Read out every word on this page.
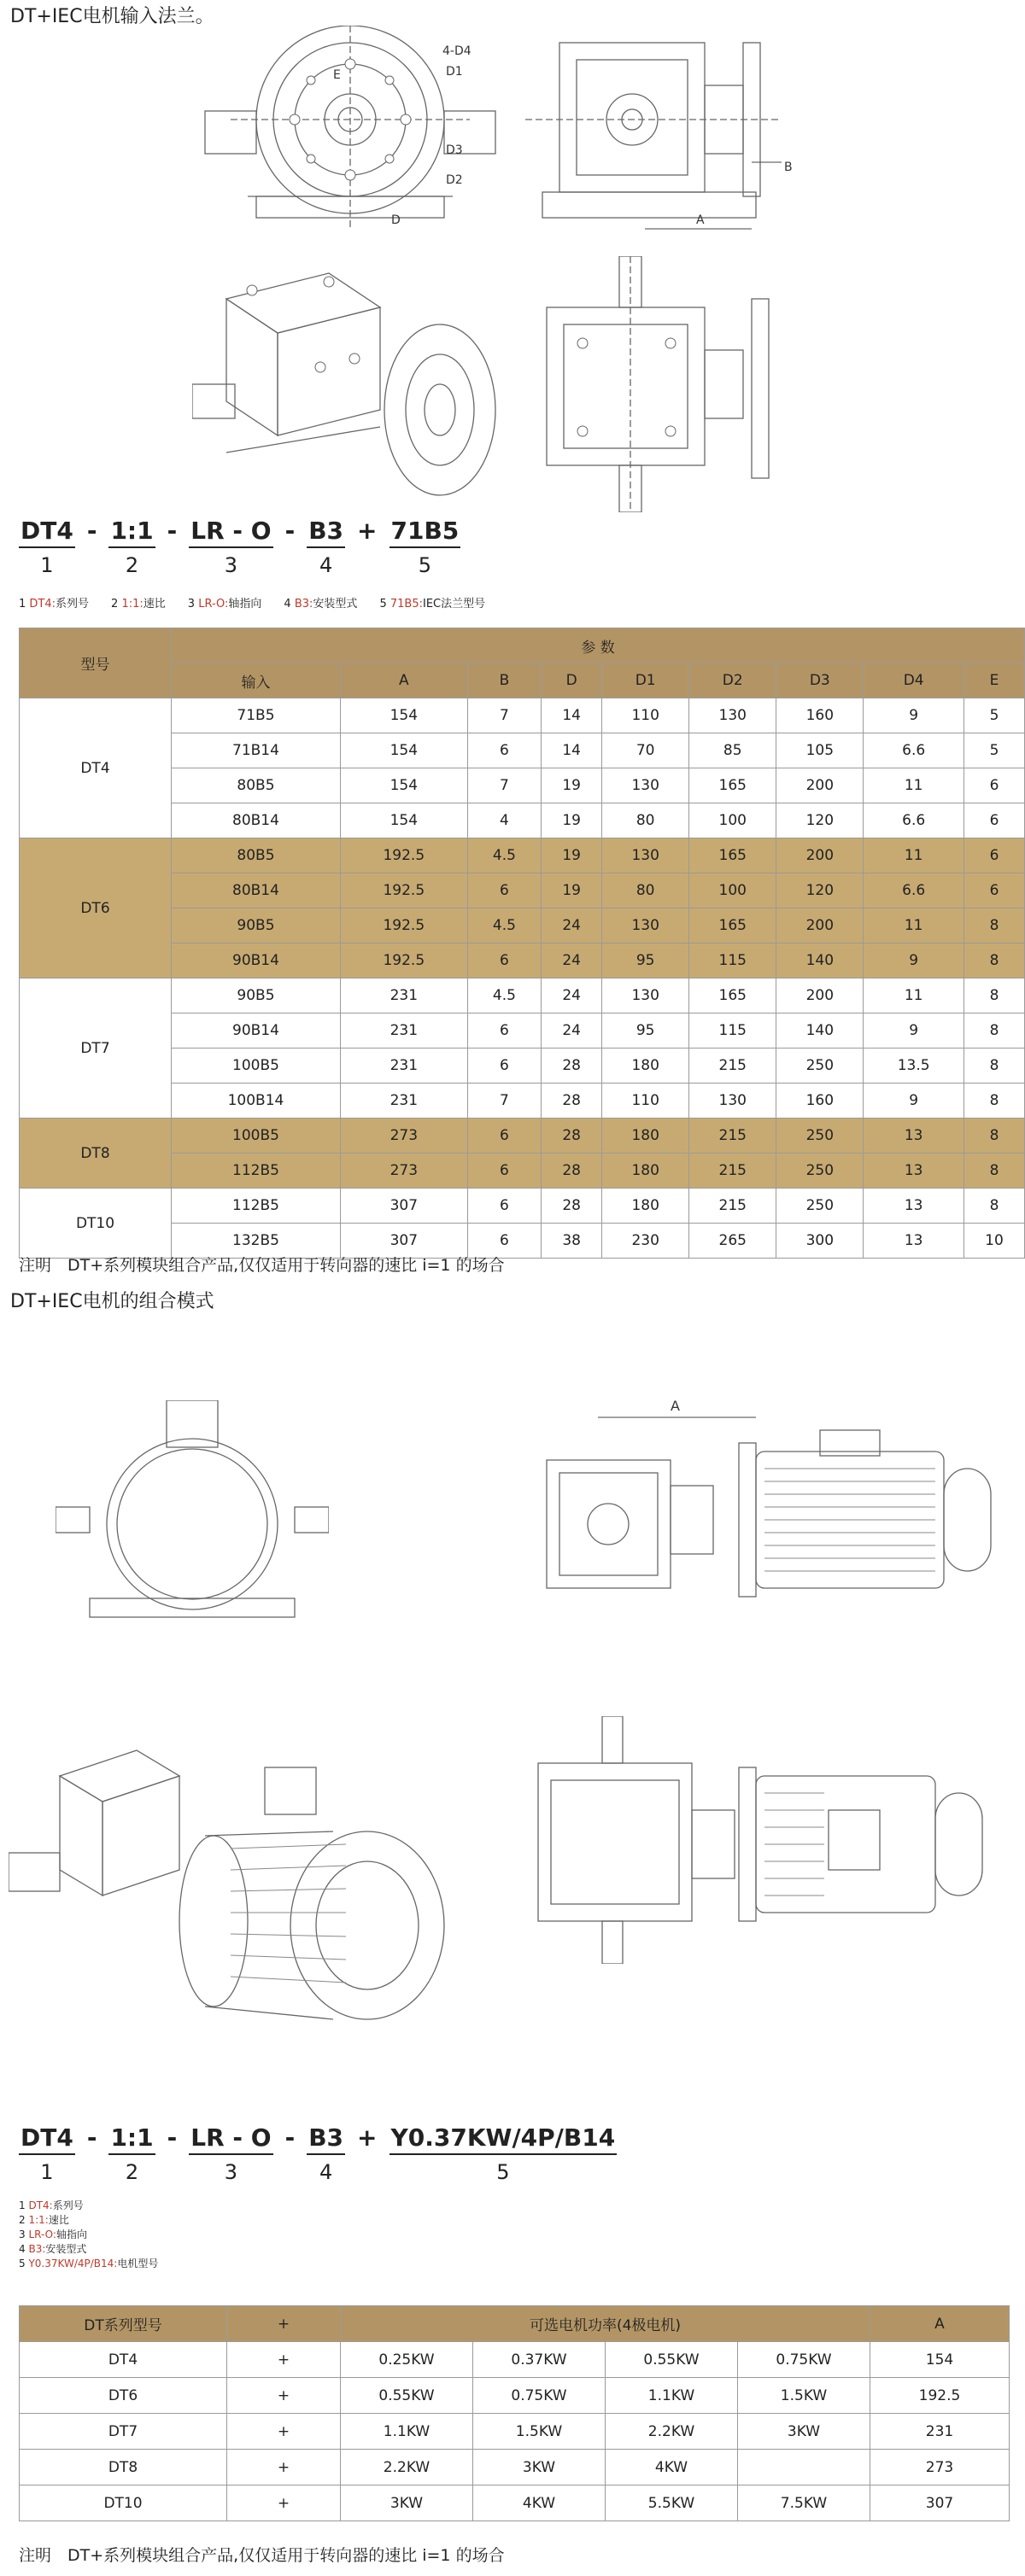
DT+IEC电机输入法兰。
4-D4
D1
D3
D2
D
E
B
A
DT4
1
- 1:1
2
- LR - O
3
- B3
4
+ $\frac{71B5}{5}$
1 DT4:系列号 2 1:1:速比 3 LR-O:轴指向 4 B3:安装型式 5 71B5:IEC法兰型号
型号	参 数								
	输入	A	B	D	D1	D2	D3	D4	E
DT4	71B5	154	7	14	110	130	160	9	5
	71B14	154	6	14	70	85	105	6.6	5
	80B5	154	7	19	130	165	200	11	6
	80B14	154	4	19	80	100	120	6.6	6
DT6	80B5	192.5	4.5	19	130	165	200	11	6
	80B14	192.5	6	19	80	100	120	6.6	6
	90B5	192.5	4.5	24	130	165	200	11	8
	90B14	192.5	6	24	95	115	140	9	8
DT7	90B5	231	4.5	24	130	165	200	11	8
	90B14	231	6	24	95	115	140	9	8
	100B5	231	6	28	180	215	250	13.5	8
	100B14	231	7	28	110	130	160	9	8
DT8	100B5	273	6	28	180	215	250	13	8
	112B5	273	6	28	180	215	250	13	8
DT10	112B5	307	6	28	180	215	250	13	8
	132B5	307	6	38	230	265	300	13	10
注明　DT+系列模块组合产品,仅仅适用于转向器的速比 i=1 的场合
DT+IEC电机的组合模式
A
DT4
1
- 1:1
2
- LR - O
3
- B3
4
+ $\frac{Y0.37KW/4P/B14}{5}$
1 DT4:系列号
2 1:1:速比
3 LR-O:轴指向
4 B3:安装型式
5 Y0.37KW/4P/B14:电机型号
DT系列型号	+	可选电机功率(4极电机)				A
DT4	+	0.25KW	0.37KW	0.55KW	0.75KW	154
DT6	+	0.55KW	0.75KW	1.1KW	1.5KW	192.5
DT7	+	1.1KW	1.5KW	2.2KW	3KW	231
DT8	+	2.2KW	3KW	4KW		273
DT10	+	3KW	4KW	5.5KW	7.5KW	307
注明　DT+系列模块组合产品,仅仅适用于转向器的速比 i=1 的场合
